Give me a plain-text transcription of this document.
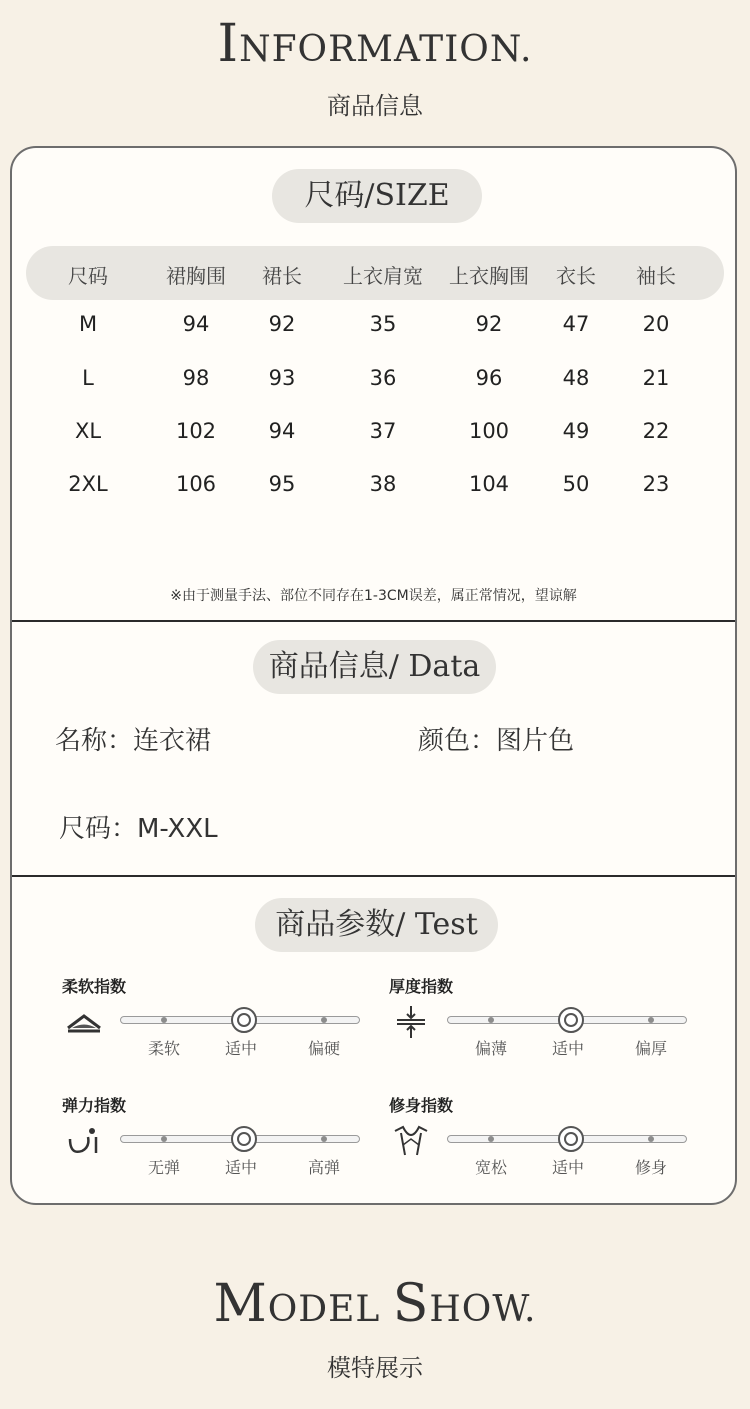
INFORMATION.
商品信息
尺码/SIZE
尺码	裙胸围	裙长	上衣肩宽	上衣胸围	衣长	袖长
M	94	92	35	92	47	20
L	98	93	36	96	48	21
XL	102	94	37	100	49	22
2XL	106	95	38	104	50	23
※由于测量手法、部位不同存在1-3CM误差，属正常情况，望谅解
商品信息/ Data
名称：连衣裙	颜色：图片色
尺码：M-XXL
商品参数/ Test
柔软指数
柔软	适中	偏硬
厚度指数
偏薄	适中	偏厚
弹力指数
无弹	适中	高弹
修身指数
宽松	适中	修身
MODEL SHOW.
模特展示
